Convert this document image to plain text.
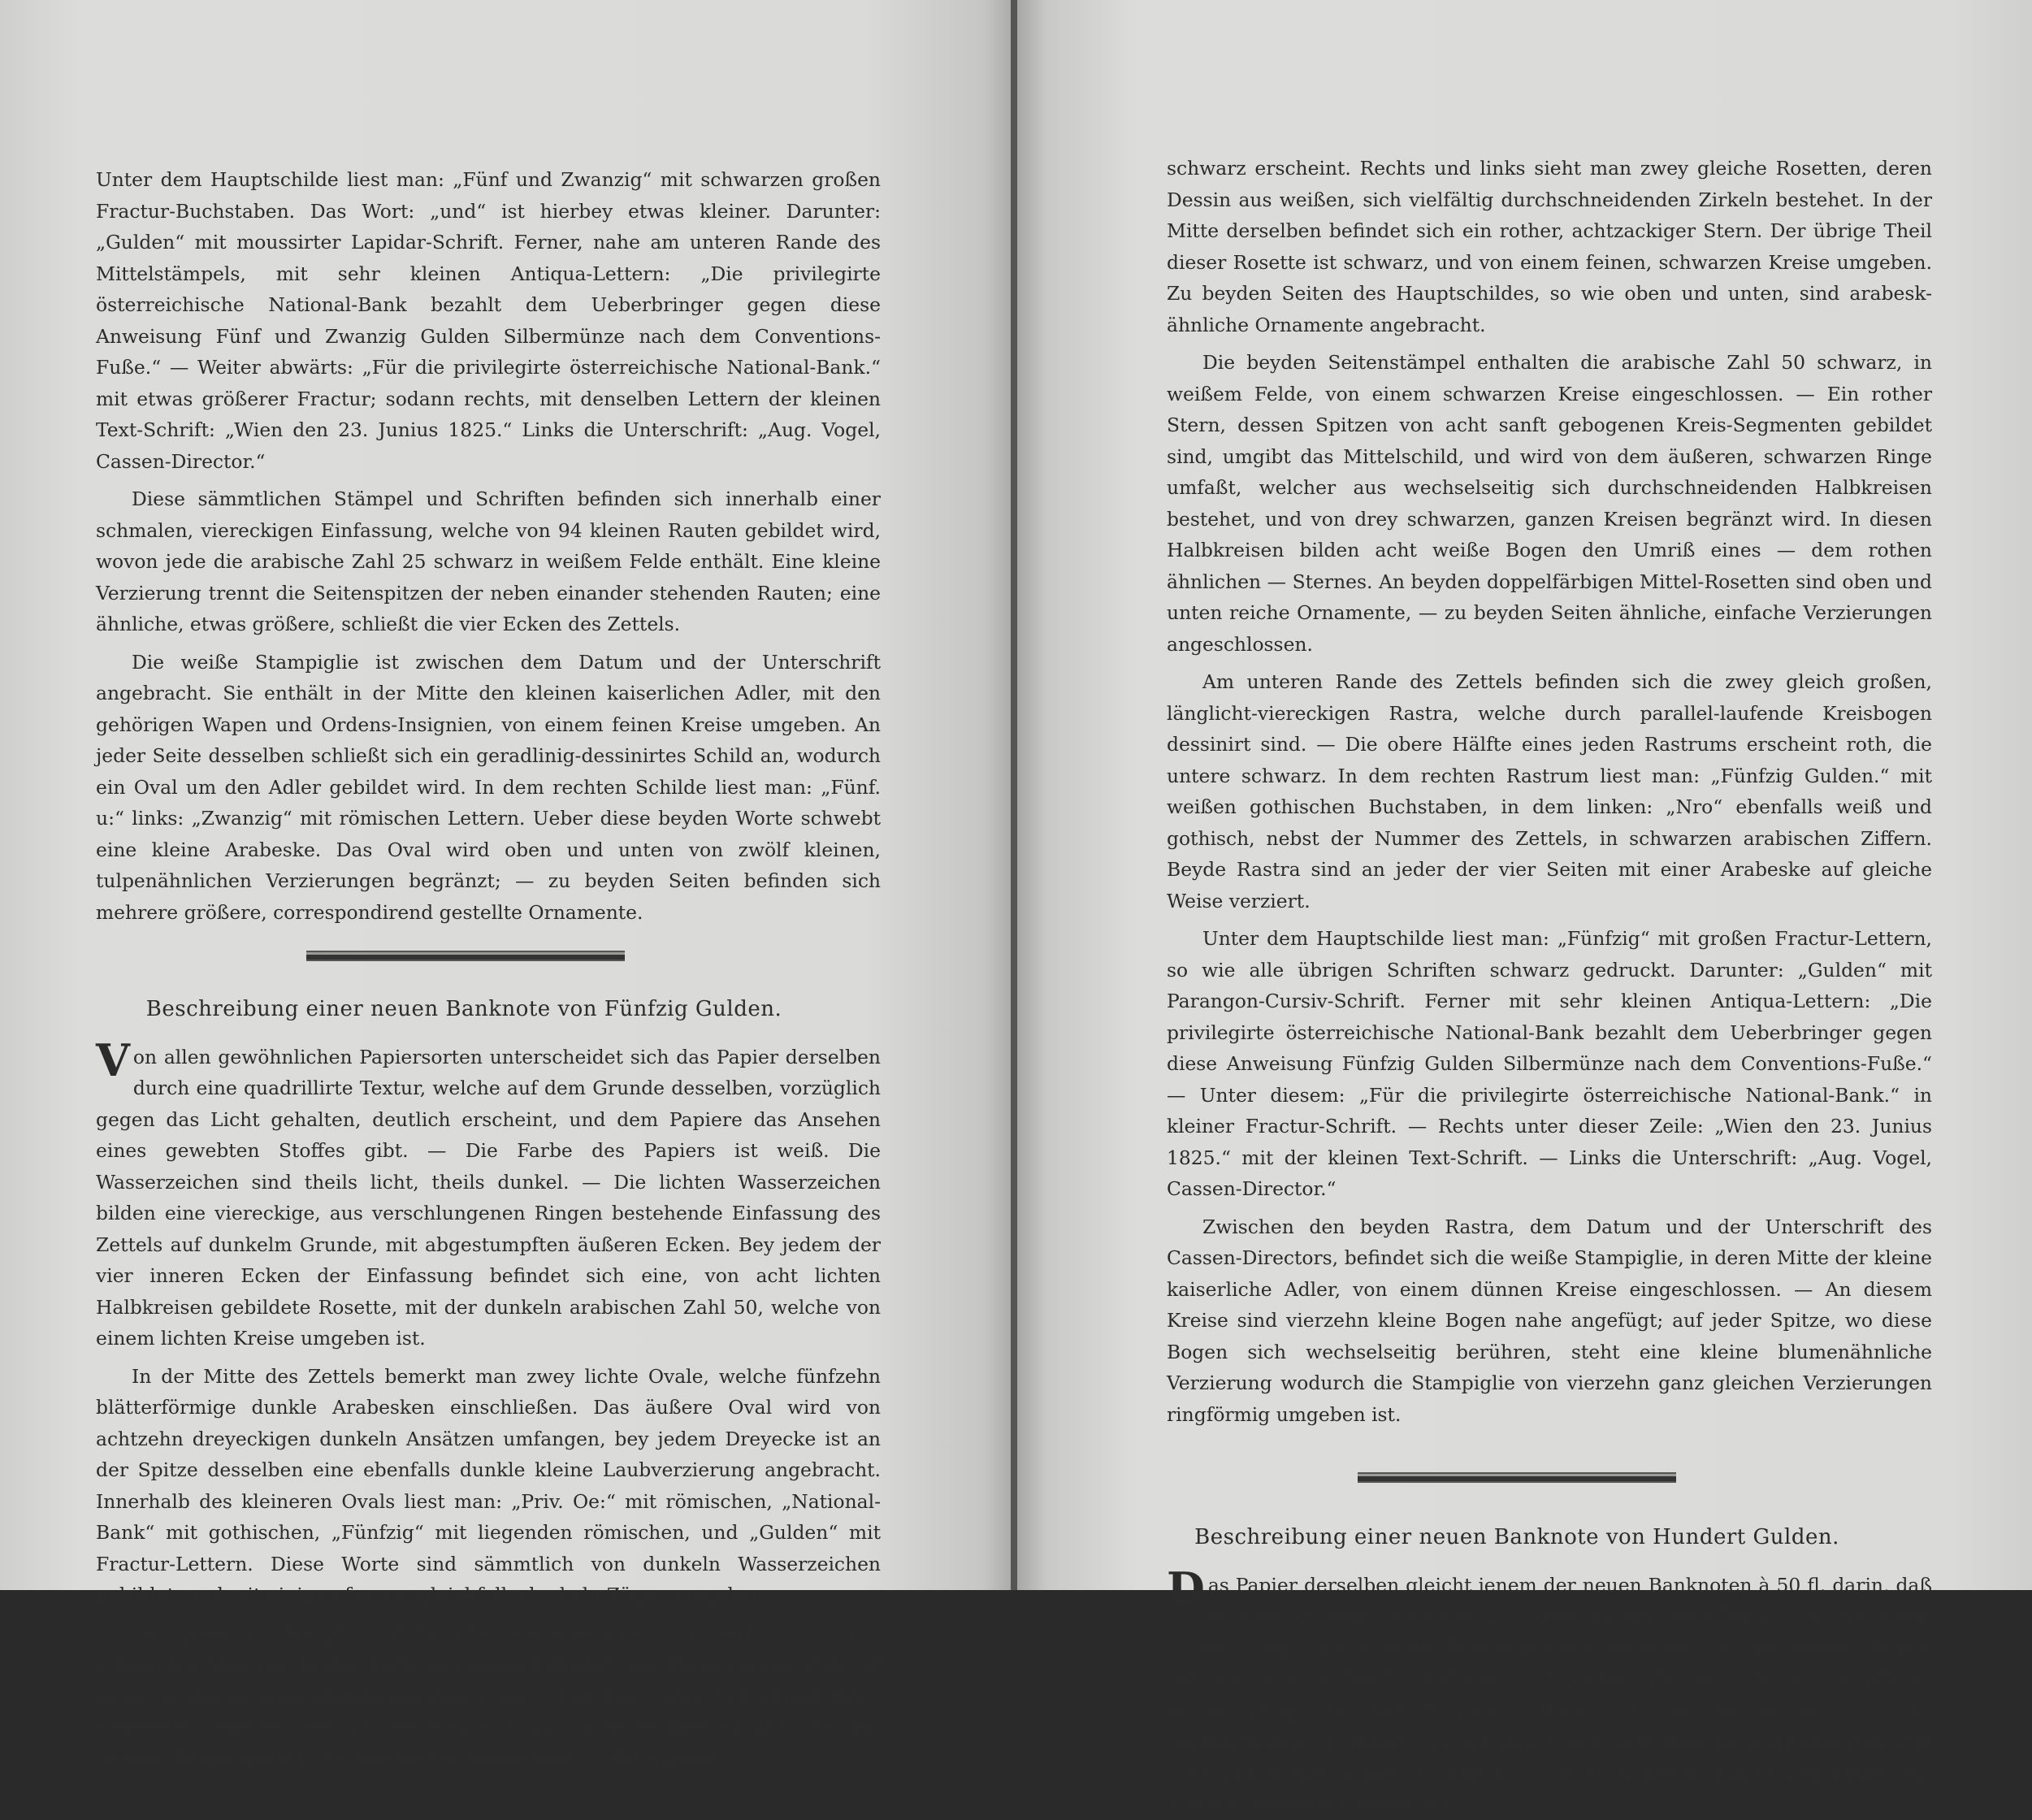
Unter dem Hauptschilde liest man: „Fünf und Zwanzig“ mit schwarzen großen Fractur-Buchstaben. Das Wort: „und“ ist hierbey etwas kleiner. Darunter: „Gulden“ mit moussirter Lapidar-Schrift. Ferner, nahe am unteren Rande des Mittelstämpels, mit sehr kleinen Antiqua-Lettern: „Die privilegirte österreichische National-Bank bezahlt dem Ueberbringer gegen diese Anweisung Fünf und Zwanzig Gulden Silbermünze nach dem Conventions-Fuße.“ — Weiter abwärts: „Für die privilegirte österreichische National-Bank.“ mit etwas größerer Fractur; sodann rechts, mit denselben Lettern der kleinen Text-Schrift: „Wien den 23. Junius 1825.“ Links die Unterschrift: „Aug. Vogel, Cassen-Director.“

Diese sämmtlichen Stämpel und Schriften befinden sich innerhalb einer schmalen, viereckigen Einfassung, welche von 94 kleinen Rauten gebildet wird, wovon jede die arabische Zahl 25 schwarz in weißem Felde enthält. Eine kleine Verzierung trennt die Seitenspitzen der neben einander stehenden Rauten; eine ähnliche, etwas größere, schließt die vier Ecken des Zettels.

Die weiße Stampiglie ist zwischen dem Datum und der Unterschrift angebracht. Sie enthält in der Mitte den kleinen kaiserlichen Adler, mit den gehörigen Wapen und Ordens-Insignien, von einem feinen Kreise umgeben. An jeder Seite desselben schließt sich ein geradlinig-dessinirtes Schild an, wodurch ein Oval um den Adler gebildet wird. In dem rechten Schilde liest man: „Fünf. u:“ links: „Zwanzig“ mit römischen Lettern. Ueber diese beyden Worte schwebt eine kleine Arabeske. Das Oval wird oben und unten von zwölf kleinen, tulpenähnlichen Verzierungen begränzt; — zu beyden Seiten befinden sich mehrere größere, correspondirend gestellte Ornamente.

Beschreibung einer neuen Banknote von Fünfzig Gulden.

Von allen gewöhnlichen Papiersorten unterscheidet sich das Papier derselben durch eine quadrillirte Textur, welche auf dem Grunde desselben, vorzüglich gegen das Licht gehalten, deutlich erscheint, und dem Papiere das Ansehen eines gewebten Stoffes gibt. — Die Farbe des Papiers ist weiß. Die Wasserzeichen sind theils licht, theils dunkel. — Die lichten Wasserzeichen bilden eine viereckige, aus verschlungenen Ringen bestehende Einfassung des Zettels auf dunkelm Grunde, mit abgestumpften äußeren Ecken. Bey jedem der vier inneren Ecken der Einfassung befindet sich eine, von acht lichten Halbkreisen gebildete Rosette, mit der dunkeln arabischen Zahl 50, welche von einem lichten Kreise umgeben ist.

In der Mitte des Zettels bemerkt man zwey lichte Ovale, welche fünfzehn blätterförmige dunkle Arabesken einschließen. Das äußere Oval wird von achtzehn dreyeckigen dunkeln Ansätzen umfangen, bey jedem Dreyecke ist an der Spitze desselben eine ebenfalls dunkle kleine Laubverzierung angebracht. Innerhalb des kleineren Ovals liest man: „Priv. Oe:“ mit römischen, „National-Bank“ mit gothischen, „Fünfzig“ mit liegenden römischen, und „Gulden“ mit Fractur-Lettern. Diese Worte sind sämmtlich von dunkeln Wasserzeichen gebildet, und mit einigen freyen, gleichfalls dunkeln Zügen umgeben.

Das gedruckte Hauptschild bestehet aus einem reich verzierten, roth und schwarzen Stämpel. In der Mitte desselben befindet sich die arabische Zahl 50 weiß, in einem geradlinig-dessinirten Felde, oben und unten von einem Ring-Segmente umgeben, welches von weißen verschlungenen Kreisen gebildet, und in zwey Bogen getheilt ist, wovon der innere roth, — der äußere

schwarz erscheint. Rechts und links sieht man zwey gleiche Rosetten, deren Dessin aus weißen, sich vielfältig durchschneidenden Zirkeln bestehet. In der Mitte derselben befindet sich ein rother, achtzackiger Stern. Der übrige Theil dieser Rosette ist schwarz, und von einem feinen, schwarzen Kreise umgeben. Zu beyden Seiten des Hauptschildes, so wie oben und unten, sind arabesk-ähnliche Ornamente angebracht.

Die beyden Seitenstämpel enthalten die arabische Zahl 50 schwarz, in weißem Felde, von einem schwarzen Kreise eingeschlossen. — Ein rother Stern, dessen Spitzen von acht sanft gebogenen Kreis-Segmenten gebildet sind, umgibt das Mittelschild, und wird von dem äußeren, schwarzen Ringe umfaßt, welcher aus wechselseitig sich durchschneidenden Halbkreisen bestehet, und von drey schwarzen, ganzen Kreisen begränzt wird. In diesen Halbkreisen bilden acht weiße Bogen den Umriß eines — dem rothen ähnlichen — Sternes. An beyden doppelfärbigen Mittel-Rosetten sind oben und unten reiche Ornamente, — zu beyden Seiten ähnliche, einfache Verzierungen angeschlossen.

Am unteren Rande des Zettels befinden sich die zwey gleich großen, länglicht-viereckigen Rastra, welche durch parallel-laufende Kreisbogen dessinirt sind. — Die obere Hälfte eines jeden Rastrums erscheint roth, die untere schwarz. In dem rechten Rastrum liest man: „Fünfzig Gulden.“ mit weißen gothischen Buchstaben, in dem linken: „Nro“ ebenfalls weiß und gothisch, nebst der Nummer des Zettels, in schwarzen arabischen Ziffern. Beyde Rastra sind an jeder der vier Seiten mit einer Arabeske auf gleiche Weise verziert.

Unter dem Hauptschilde liest man: „Fünfzig“ mit großen Fractur-Lettern, so wie alle übrigen Schriften schwarz gedruckt. Darunter: „Gulden“ mit Parangon-Cursiv-Schrift. Ferner mit sehr kleinen Antiqua-Lettern: „Die privilegirte österreichische National-Bank bezahlt dem Ueberbringer gegen diese Anweisung Fünfzig Gulden Silbermünze nach dem Conventions-Fuße.“ — Unter diesem: „Für die privilegirte österreichische National-Bank.“ in kleiner Fractur-Schrift. — Rechts unter dieser Zeile: „Wien den 23. Junius 1825.“ mit der kleinen Text-Schrift. — Links die Unterschrift: „Aug. Vogel, Cassen-Director.“

Zwischen den beyden Rastra, dem Datum und der Unterschrift des Cassen-Directors, befindet sich die weiße Stampiglie, in deren Mitte der kleine kaiserliche Adler, von einem dünnen Kreise eingeschlossen. — An diesem Kreise sind vierzehn kleine Bogen nahe angefügt; auf jeder Spitze, wo diese Bogen sich wechselseitig berühren, steht eine kleine blumenähnliche Verzierung wodurch die Stampiglie von vierzehn ganz gleichen Verzierungen ringförmig umgeben ist.

Beschreibung einer neuen Banknote von Hundert Gulden.

Das Papier derselben gleicht jenem der neuen Banknoten à 50 fl. darin, daß es eben so weiß, mit einer ähnlichen quadrillirten Textur, und theils mit lichten, theils mit dunkeln Wasserzeichen versehen ist. Am oberen Rande befindet sich das Wort: „National“ mit großen, dunkeln, römischen Lettern; ferner mit gleicher Schrift, unten: „Bank“ mit zwey Verzierungen; und zu beyden Seiten: „Hundert.“ In den vier Ecken sieht man die arabische Zahl 100 licht und dunkel schattirt. Innerhalb dieser Schriften bilden vier Linien ein Viereck, wovon die obere und
